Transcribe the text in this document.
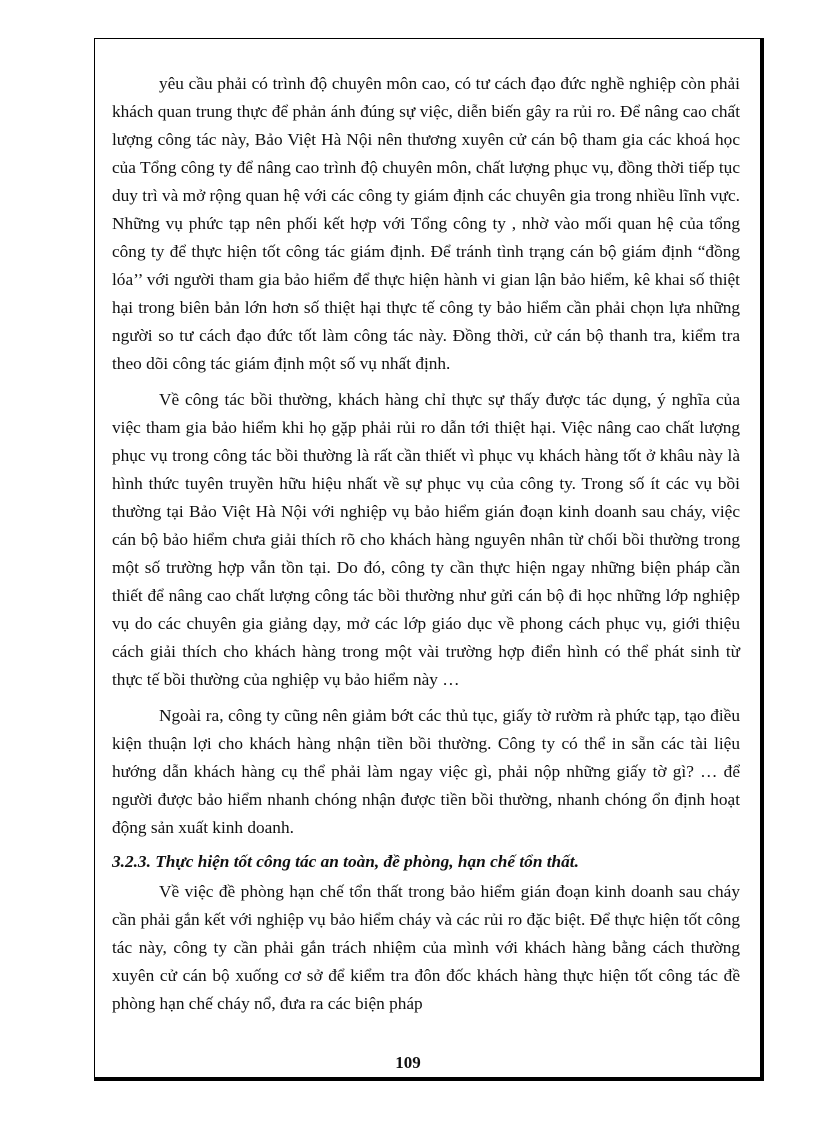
yêu cầu phải có trình độ chuyên môn cao, có tư cách đạo đức nghề nghiệp còn phải khách quan trung thực để phản ánh đúng sự việc, diễn biến gây ra rủi ro. Để nâng cao chất lượng công tác này, Bảo Việt Hà Nội nên thương xuyên cử cán bộ tham gia các khoá học của Tổng công ty để nâng cao trình độ chuyên môn, chất lượng phục vụ, đồng thời tiếp tục duy trì và mở rộng quan hệ với các công ty giám định các chuyên gia trong nhiều lĩnh vực. Những vụ phức tạp nên phối kết hợp với Tổng công ty , nhờ vào mối quan hệ của tổng công ty để thực hiện tốt công tác giám định. Để tránh tình trạng cán bộ giám định “đồng lóa’’ với người tham gia bảo hiểm để thực hiện hành vi gian lận bảo hiểm, kê khai số thiệt hại trong biên bản lớn hơn số thiệt hại thực tế công ty bảo hiểm cần phải chọn lựa những người so tư cách đạo đức tốt làm công tác này. Đồng thời, cử cán bộ thanh tra, kiểm tra theo dõi công tác giám định một số vụ nhất định.

Về công tác bồi thường, khách hàng chỉ thực sự thấy được tác dụng, ý nghĩa của việc tham gia bảo hiểm khi họ gặp phải rủi ro dẫn tới thiệt hại. Việc nâng cao chất lượng phục vụ trong công tác bồi thường là rất cần thiết vì phục vụ khách hàng tốt ở khâu này là hình thức tuyên truyền hữu hiệu nhất về sự phục vụ của công ty. Trong số ít các vụ bồi thường tại Bảo Việt Hà Nội với nghiệp vụ bảo hiểm gián đoạn kinh doanh sau cháy, việc cán bộ bảo hiểm chưa giải thích rõ cho khách hàng nguyên nhân từ chối bồi thường trong một số trường hợp vẫn tồn tại. Do đó, công ty cần thực hiện ngay những biện pháp cần thiết để nâng cao chất lượng công tác bồi thường như gửi cán bộ đi học những lớp nghiệp vụ do các chuyên gia giảng dạy, mở các lớp giáo dục về phong cách phục vụ, giới thiệu cách giải thích cho khách hàng trong một vài trường hợp điển hình có thể phát sinh từ thực tế bồi thường của nghiệp vụ bảo hiểm này …

Ngoài ra, công ty cũng nên giảm bớt các thủ tục, giấy tờ rườm rà phức tạp, tạo điều kiện thuận lợi cho khách hàng nhận tiền bồi thường. Công ty có thể in sẵn các tài liệu hướng dẫn khách hàng cụ thể phải làm ngay việc gì, phải nộp những giấy tờ gì? … để người được bảo hiểm nhanh chóng nhận được tiền bồi thường, nhanh chóng ổn định hoạt động sản xuất kinh doanh.

3.2.3. Thực hiện tốt công tác an toàn, đề phòng, hạn chế tổn thất.

Về việc đề phòng hạn chế tổn thất trong bảo hiểm gián đoạn kinh doanh sau cháy cần phải gắn kết với nghiệp vụ bảo hiểm cháy và các rủi ro đặc biệt. Để thực hiện tốt công tác này, công ty cần phải gắn trách nhiệm của mình với khách hàng bằng cách thường xuyên cử cán bộ xuống cơ sở để kiểm tra đôn đốc khách hàng thực hiện tốt công tác đề phòng hạn chế cháy nổ, đưa ra các biện pháp

109
